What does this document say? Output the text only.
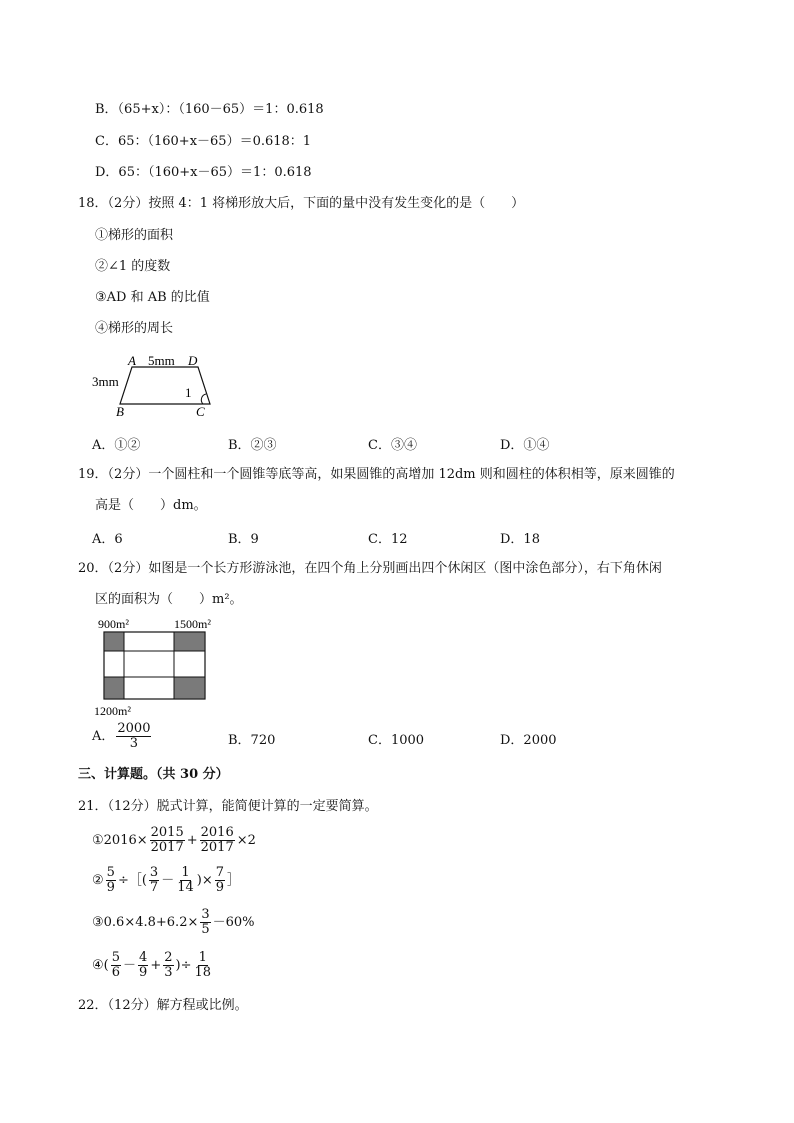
B．（65+x）：（160－65）＝1：0.618
C．65：（160+x－65）＝0.618：1
D．65：（160+x－65）＝1：0.618
18．（2分）按照 4：1 将梯形放大后，下面的量中没有发生变化的是（　　）
①梯形的面积
②∠1 的度数
③AD 和 AB 的比值
④梯形的周长
A	D
B	C
5mm
3mm
1
A．①②	B．②③	C．③④	D．①④
19．（2分）一个圆柱和一个圆锥等底等高，如果圆锥的高增加 12dm 则和圆柱的体积相等，原来圆锥的
高是（　　）dm。
A．6	B．9	C．12	D．18
20．（2分）如图是一个长方形游泳池，在四个角上分别画出四个休闲区（图中涂色部分），右下角休闲
区的面积为（　　）m²。
900m²	1500m²
1200m²
A． $\frac{2000}{3}$	B．720	C．1000	D．2000
三、计算题。（共 30 分）
21．（12分）脱式计算，能简便计算的一定要简算。
①2016× $\frac{2015}{2017} + \frac{2016}{2017} \times 2$
② $\frac{5}{9}$ ÷［( $\frac{3}{7} - \frac{1}{14}$ )× $\frac{7}{9}$ ］
③0.6×4.8+6.2× $\frac{3}{5} -60\%$
④( $\frac{5}{6} - \frac{4}{9} + \frac{2}{3}$ )÷ $\frac{1}{18}$
22．（12分）解方程或比例。
